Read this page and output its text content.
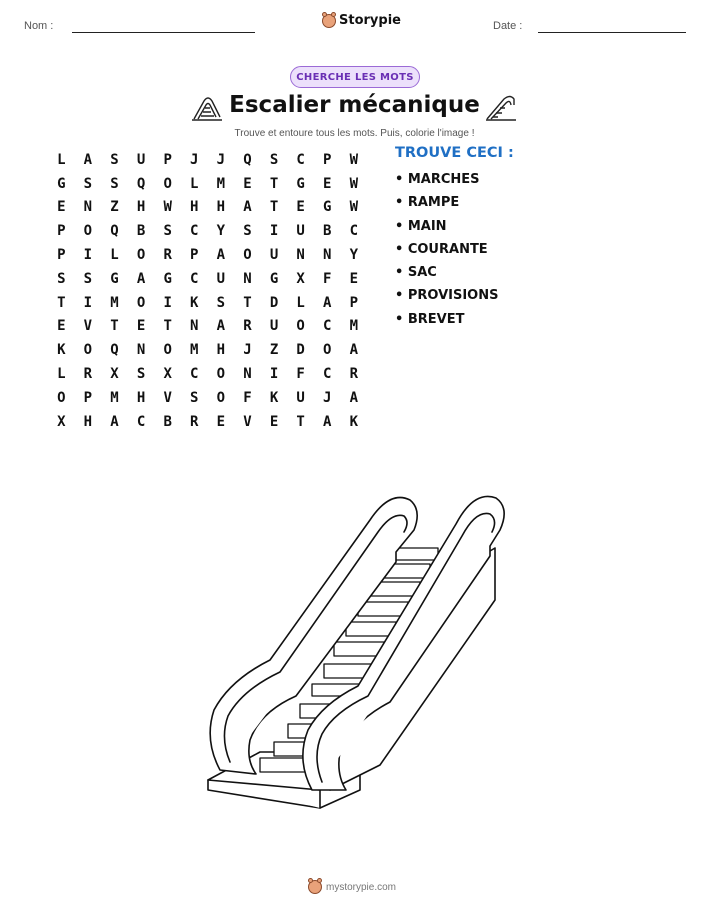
Nom :	Storypie	Date :
CHERCHE LES MOTS
Escalier mécanique
Trouve et entoure tous les mots. Puis, colorie l'image !
L	A	S	U	P	J	J	Q	S	C	P	W
G	S	S	Q	O	L	M	E	T	G	E	W
E	N	Z	H	W	H	H	A	T	E	G	W
P	O	Q	B	S	C	Y	S	I	U	B	C
P	I	L	O	R	P	A	O	U	N	N	Y
S	S	G	A	G	C	U	N	G	X	F	E
T	I	M	O	I	K	S	T	D	L	A	P
E	V	T	E	T	N	A	R	U	O	C	M
K	O	Q	N	O	M	H	J	Z	D	O	A
L	R	X	S	X	C	O	N	I	F	C	R
O	P	M	H	V	S	O	F	K	U	J	A
X	H	A	C	B	R	E	V	E	T	A	K
TROUVE CECI :
• MARCHES
• RAMPE
• MAIN
• COURANTE
• SAC
• PROVISIONS
• BREVET
mystorypie.com
